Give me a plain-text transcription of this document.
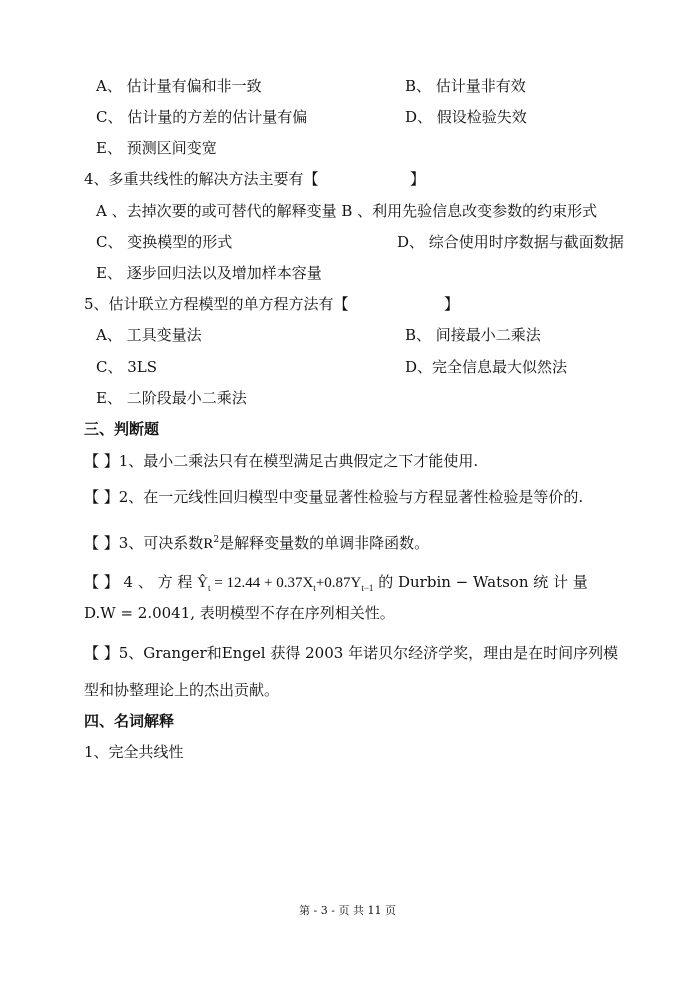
A、 估计量有偏和非一致	B、 估计量非有效
C、 估计量的方差的估计量有偏	D、 假设检验失效
E、 预测区间变宽
4、多重共线性的解决方法主要有【	】
A 、去掉次要的或可替代的解释变量 B 、利用先验信息改变参数的约束形式
C、 变换模型的形式	D、 综合使用时序数据与截面数据
E、 逐步回归法以及增加样本容量
5、估计联立方程模型的单方程方法有【	】
A、 工具变量法	B、 间接最小二乘法
C、 3LS	D、完全信息最大似然法
E、 二阶段最小二乘法
三、判断题
【 】1、最小二乘法只有在模型满足古典假定之下才能使用.
【 】2、在一元线性回归模型中变量显著性检验与方程显著性检验是等价的.
【 】3、可决系数$R^2$是解释变量数的单调非降函数。
【 】 4 、 方 程 $Ŷ_t = 12.44 + 0.37X_t+0.87Y_{t-1}$ 的 Durbin − Watson 统 计 量
D.W = 2.0041, 表明模型不存在序列相关性。
【 】5、Granger和Engel 获得 2003 年诺贝尔经济学奖，理由是在时间序列模
型和协整理论上的杰出贡献。
四、名词解释
1、完全共线性
第 - 3 - 页 共 11 页
